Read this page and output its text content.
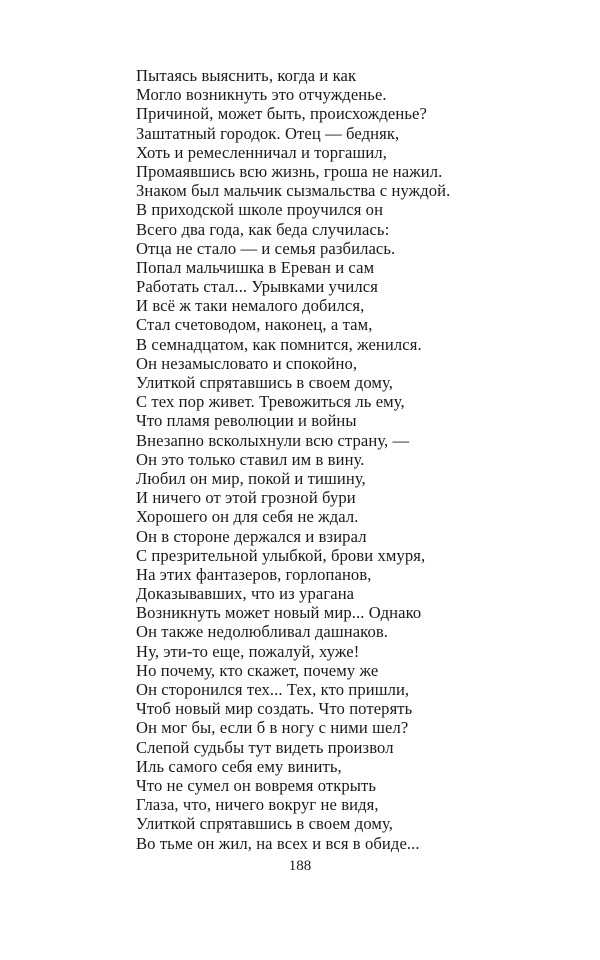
Пытаясь выяснить, когда и как
Могло возникнуть это отчужденье.
Причиной, может быть, происхожденье?
Заштатный городок. Отец — бедняк,
Хоть и ремесленничал и торгашил,
Промаявшись всю жизнь, гроша не нажил.
Знаком был мальчик сызмальства с нуждой.
В приходской школе проучился он
Всего два года, как беда случилась:
Отца не стало — и семья разбилась.
Попал мальчишка в Ереван и сам
Работать стал... Урывками учился
И всё ж таки немалого добился,
Стал счетоводом, наконец, а там,
В семнадцатом, как помнится, женился.
Он незамысловато и спокойно,
Улиткой спрятавшись в своем дому,
С тех пор живет. Тревожиться ль ему,
Что пламя революции и войны
Внезапно всколыхнули всю страну, —
Он это только ставил им в вину.
Любил он мир, покой и тишину,
И ничего от этой грозной бури
Хорошего он для себя не ждал.
Он в стороне держался и взирал
С презрительной улыбкой, брови хмуря,
На этих фантазеров, горлопанов,
Доказывавших, что из урагана
Возникнуть может новый мир... Однако
Он также недолюбливал дашнаков.
Ну, эти-то еще, пожалуй, хуже!
Но почему, кто скажет, почему же
Он сторонился тех... Тех, кто пришли,
Чтоб новый мир создать. Что потерять
Он мог бы, если б в ногу с ними шел?
Слепой судьбы тут видеть произвол
Иль самого себя ему винить,
Что не сумел он вовремя открыть
Глаза, что, ничего вокруг не видя,
Улиткой спрятавшись в своем дому,
Во тьме он жил, на всех и вся в обиде...
188
